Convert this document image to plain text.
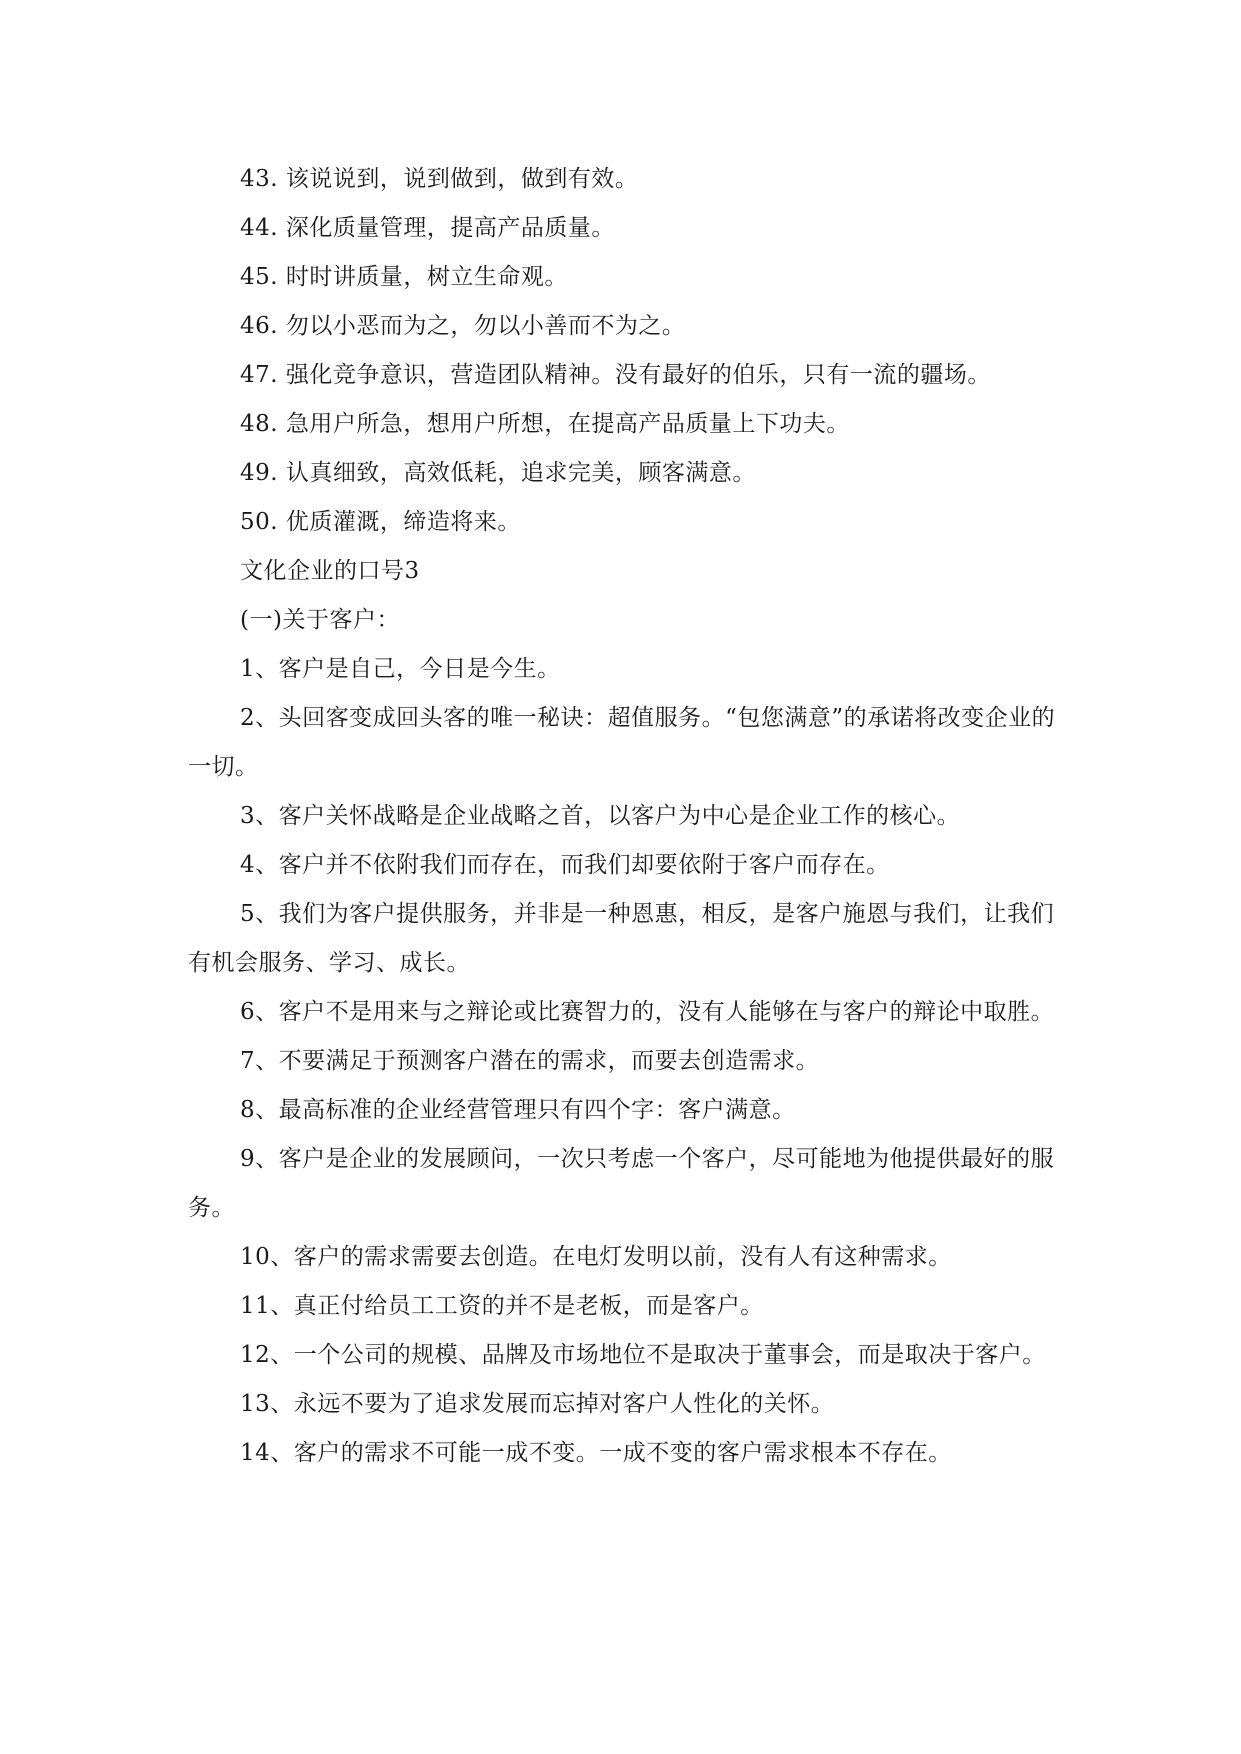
43. 该说说到，说到做到，做到有效。

44. 深化质量管理，提高产品质量。

45. 时时讲质量，树立生命观。

46. 勿以小恶而为之，勿以小善而不为之。

47. 强化竞争意识，营造团队精神。没有最好的伯乐，只有一流的疆场。

48. 急用户所急，想用户所想，在提高产品质量上下功夫。

49. 认真细致，高效低耗，追求完美，顾客满意。

50. 优质灌溉，缔造将来。

文化企业的口号3

(一)关于客户：

1、客户是自己，今日是今生。

2、头回客变成回头客的唯一秘诀：超值服务。“包您满意”的承诺将改变企业的一切。

3、客户关怀战略是企业战略之首，以客户为中心是企业工作的核心。

4、客户并不依附我们而存在，而我们却要依附于客户而存在。

5、我们为客户提供服务，并非是一种恩惠，相反，是客户施恩与我们，让我们有机会服务、学习、成长。

6、客户不是用来与之辩论或比赛智力的，没有人能够在与客户的辩论中取胜。

7、不要满足于预测客户潜在的需求，而要去创造需求。

8、最高标准的企业经营管理只有四个字：客户满意。

9、客户是企业的发展顾问，一次只考虑一个客户，尽可能地为他提供最好的服务。

10、客户的需求需要去创造。在电灯发明以前，没有人有这种需求。

11、真正付给员工工资的并不是老板，而是客户。

12、一个公司的规模、品牌及市场地位不是取决于董事会，而是取决于客户。

13、永远不要为了追求发展而忘掉对客户人性化的关怀。

14、客户的需求不可能一成不变。一成不变的客户需求根本不存在。
